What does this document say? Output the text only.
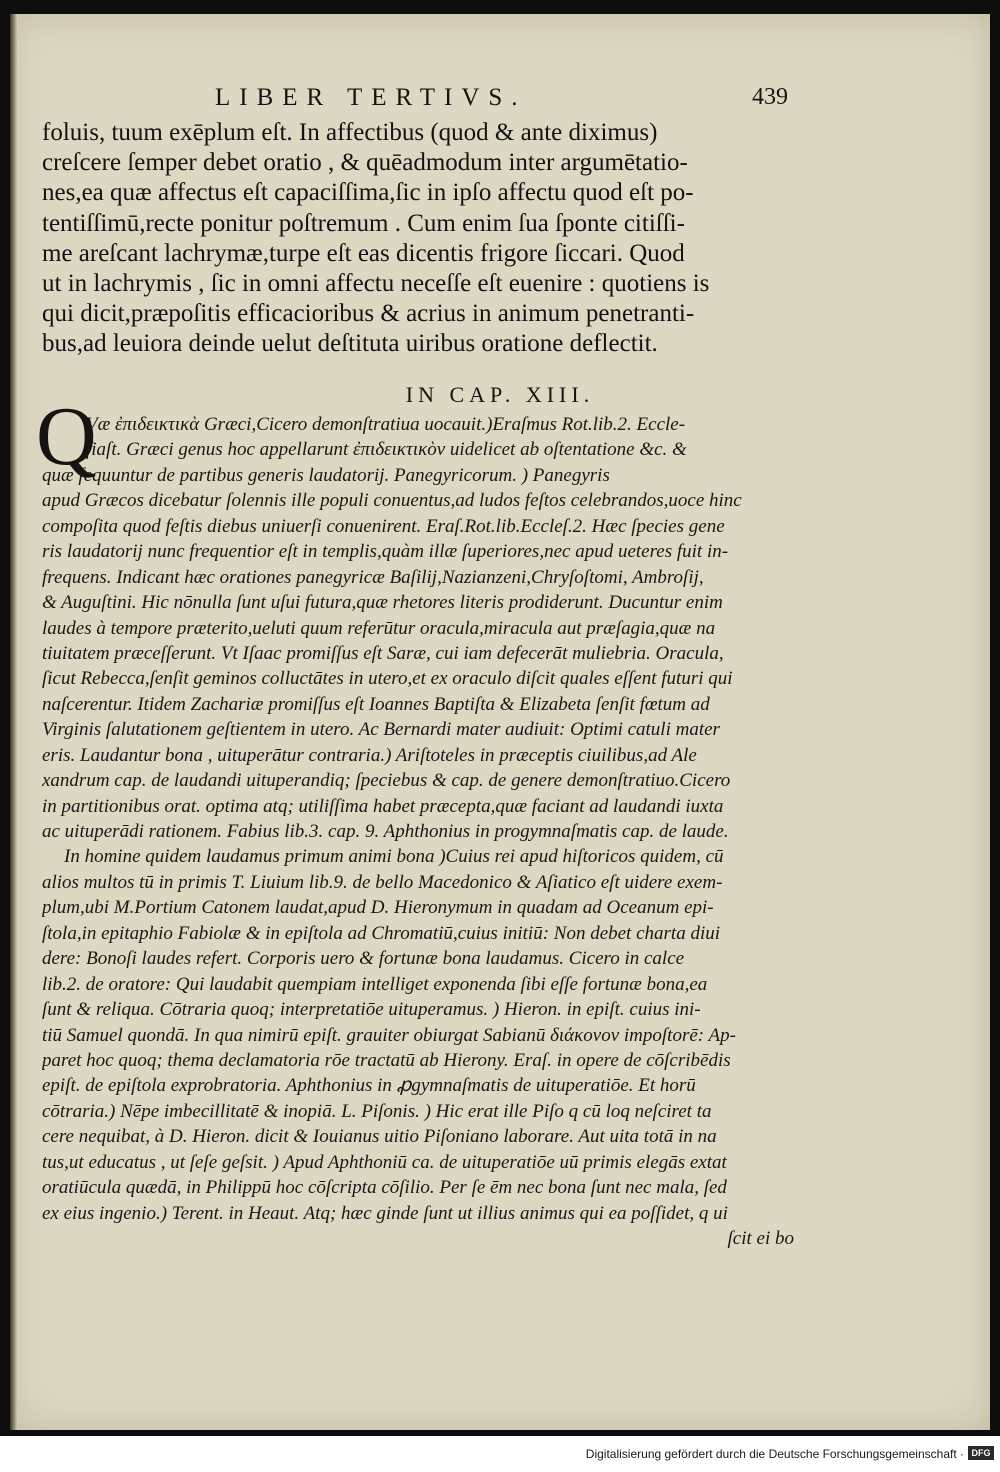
LIBER TERTIVS.	439
foluis, tuum exēplum eſt. In affectibus (quod & ante diximus)
creſcere ſemper debet oratio , & quēadmodum inter argumētatio-
nes,ea quæ affectus eſt capaciſſima,ſic in ipſo affectu quod eſt po-
tentiſſimū,recte ponitur poſtremum . Cum enim ſua ſponte citiſſi-
me areſcant lachrymæ,turpe eſt eas dicentis frigore ſiccari. Quod
ut in lachrymis , ſic in omni affectu neceſſe eſt euenire : quotiens is
qui dicit,præpoſitis efficacioribus & acrius in animum penetranti-
bus,ad leuiora deinde uelut deſtituta uiribus oratione deflectit.
IN CAP. XIII.
Q
Væ ἐπιδεικτικὰ Græci,Cicero demonſtratiua uocauit.)Eraſmus Rot.lib.2. Eccle-
ſiaſt. Græci genus hoc appellarunt ἐπιδεικτικὸν uidelicet ab oſtentatione &c. &
quæ ſequuntur de partibus generis laudatorij. Panegyricorum. ) Panegyris
apud Græcos dicebatur ſolennis ille populi conuentus,ad ludos feſtos celebrandos,uoce hinc
compoſita quod feſtis diebus uniuerſi conuenirent. Eraſ.Rot.lib.Eccleſ.2. Hæc ſpecies gene
ris laudatorij nunc frequentior eſt in templis,quàm illæ ſuperiores,nec apud ueteres fuit in-
frequens. Indicant hæc orationes panegyricæ Baſilij,Nazianzeni,Chryſoſtomi, Ambroſij,
& Auguſtini. Hic nōnulla ſunt uſui futura,quæ rhetores literis prodiderunt. Ducuntur enim
laudes à tempore præterito,ueluti quum referūtur oracula,miracula aut præſagia,quæ na
tiuitatem præceſſerunt. Vt Iſaac promiſſus eſt Saræ, cui iam defecerāt muliebria. Oracula,
ſicut Rebecca,ſenſit geminos colluctātes in utero,et ex oraculo diſcit quales eſſent futuri qui
naſcerentur. Itidem Zachariæ promiſſus eſt Ioannes Baptiſta & Elizabeta ſenſit fœtum ad
Virginis ſalutationem geſtientem in utero. Ac Bernardi mater audiuit: Optimi catuli mater
eris. Laudantur bona , uituperātur contraria.) Ariſtoteles in præceptis ciuilibus,ad Ale
xandrum cap. de laudandi uituperandiq; ſpeciebus & cap. de genere demonſtratiuo.Cicero
in partitionibus orat. optima atq; utiliſſima habet præcepta,quæ faciant ad laudandi iuxta
ac uituperādi rationem. Fabius lib.3. cap. 9. Aphthonius in progymnaſmatis cap. de laude.
In homine quidem laudamus primum animi bona )Cuius rei apud hiſtoricos quidem, cū
alios multos tū in primis T. Liuium lib.9. de bello Macedonico & Aſiatico eſt uidere exem-
plum,ubi M.Portium Catonem laudat,apud D. Hieronymum in quadam ad Oceanum epi-
ſtola,in epitaphio Fabiolæ & in epiſtola ad Chromatiū,cuius initiū: Non debet charta diui
dere: Bonoſi laudes refert. Corporis uero & fortunæ bona laudamus. Cicero in calce
lib.2. de oratore: Qui laudabit quempiam intelliget exponenda ſibi eſſe fortunæ bona,ea
ſunt & reliqua. Cōtraria quoq; interpretatiōe uituperamus. ) Hieron. in epiſt. cuius ini-
tiū Samuel quondā. In qua nimirū epiſt. grauiter obiurgat Sabianū διάκονον impoſtorē: Ap-
paret hoc quoq; thema declamatoria rōe tractatū ab Hierony. Eraſ. in opere de cōſcribēdis
epiſt. de epiſtola exprobratoria. Aphthonius in ꝓgymnaſmatis de uituperatiōe. Et horū
cōtraria.) Nēpe imbecillitatē & inopiā. L. Piſonis. ) Hic erat ille Piſo q cū loq neſciret ta
cere nequibat, à D. Hieron. dicit & Iouianus uitio Piſoniano laborare. Aut uita totā in na
tus,ut educatus , ut ſeſe geſsit. ) Apud Aphthoniū ca. de uituperatiōe uū primis elegās extat
oratiūcula quædā, in Philippū hoc cōſcripta cōſilio. Per ſe ēm nec bona ſunt nec mala, ſed
ex eius ingenio.) Terent. in Heaut. Atq; hæc ginde ſunt ut illius animus qui ea poſſidet, q ui
ſcit ei bo
Digitalisierung gefördert durch die Deutsche Forschungsgemeinschaft · DFG
